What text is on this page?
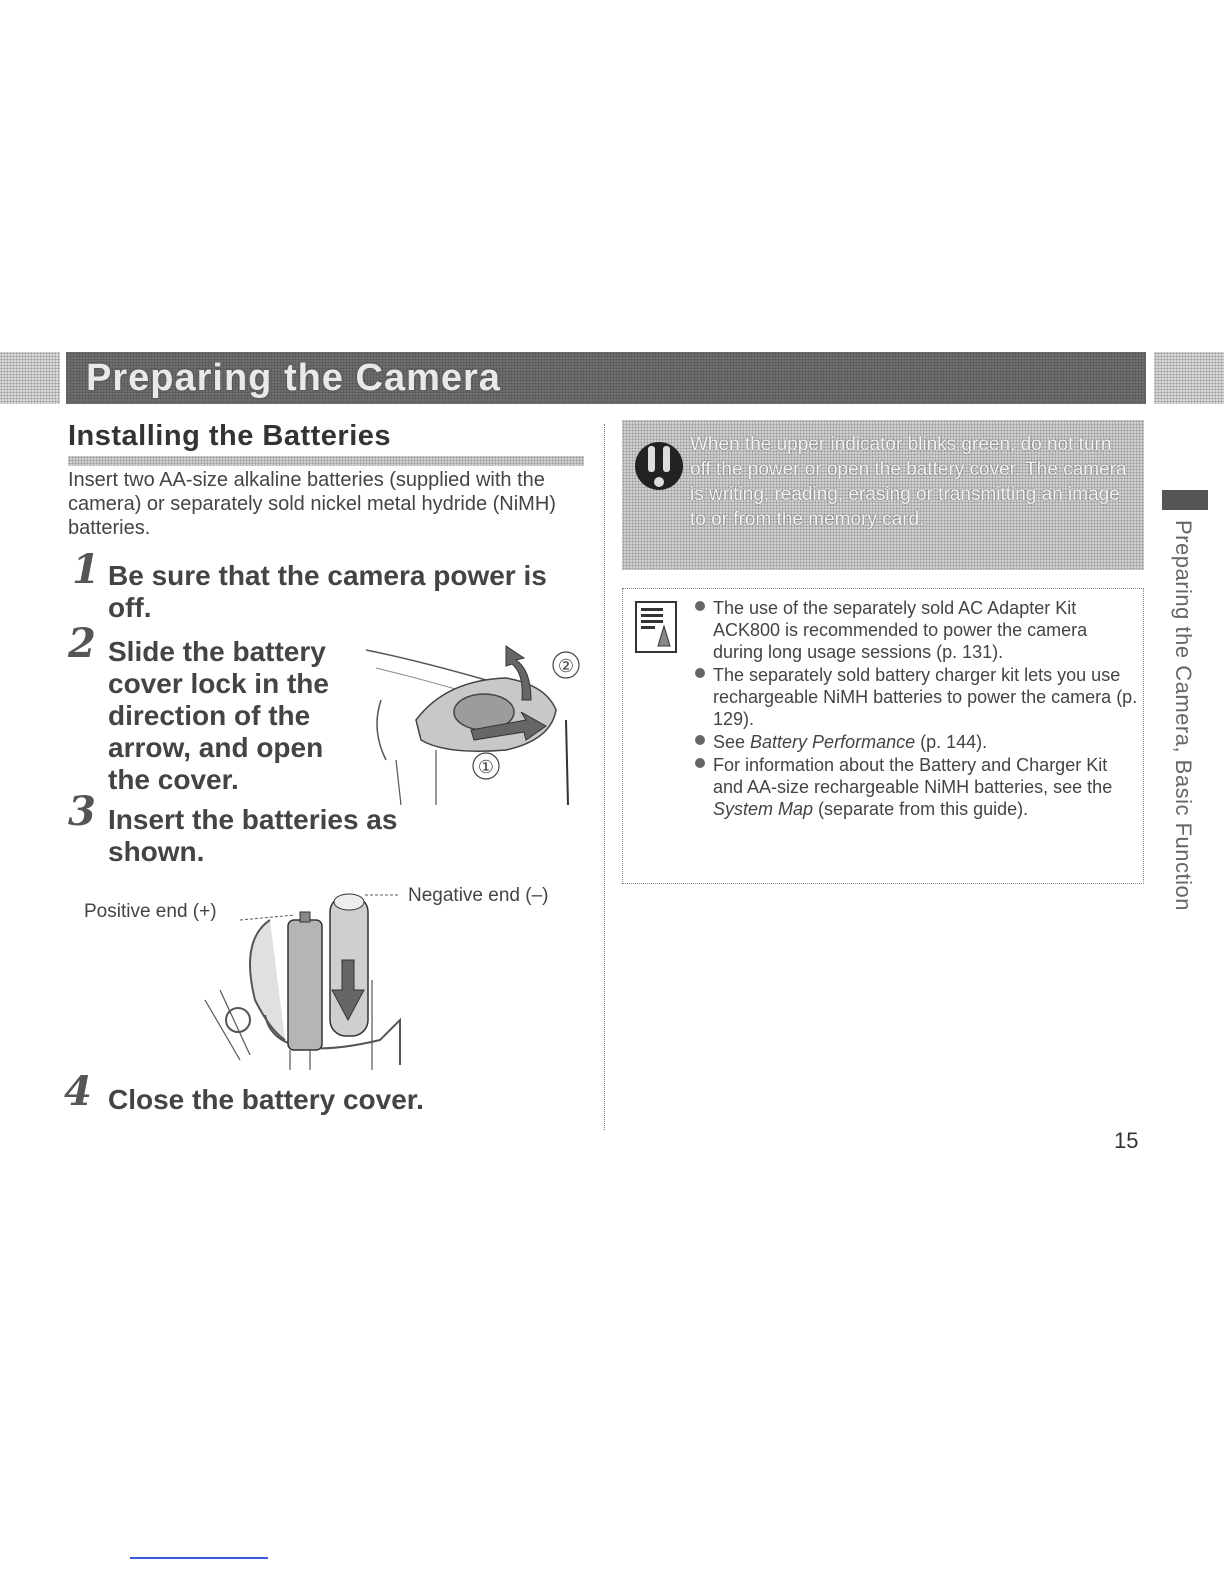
Preparing the Camera
Installing the Batteries
Insert two AA-size alkaline batteries (supplied with the camera) or separately sold nickel metal hydride (NiMH) batteries.
1 Be sure that the camera power is off.
2 Slide the battery cover lock in the direction of the arrow, and open the cover.
②
①
3 Insert the batteries as shown.
Positive end (+)
Negative end (–)
4 Close the battery cover.
When the upper indicator blinks green, do not turn off the power or open the battery cover. The camera is writing, reading, erasing or transmitting an image to or from the memory card.
The use of the separately sold AC Adapter Kit ACK800 is recommended to power the camera during long usage sessions (p. 131).
The separately sold battery charger kit lets you use rechargeable NiMH batteries to power the camera (p. 129).
See Battery Performance (p. 144).
For information about the Battery and Charger Kit and AA-size rechargeable NiMH batteries, see the System Map (separate from this guide).	Preparing the Camera, Basic Function
15
